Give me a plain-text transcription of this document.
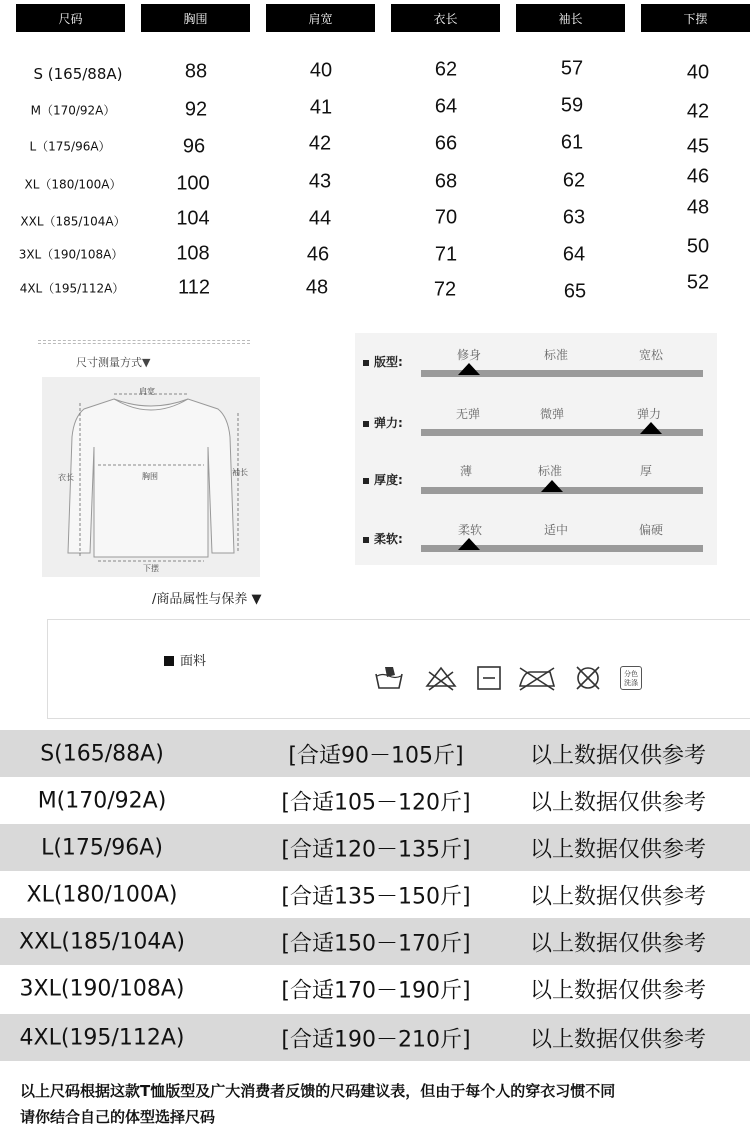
尺码	胸围	肩宽	衣长	袖长	下摆
S (165/88A)	88	40	62	57	40
M（170/92A）	92	41	64	59	42
L（175/96A）	96	42	66	61	45
XL（180/100A）	100	43	68	62	46
XXL（185/104A）	104	44	70	63	48
3XL（190/108A）	108	46	71	64	50
4XL（195/112A）	112	48	72	65	52
尺寸测量方式▼
肩宽
衣长	胸围	袖长
下摆
版型:	修身	标准	宽松
弹力:
无弹	微弹	弹力
厚度:
薄	标准	厚
柔软:
柔软	适中	偏硬
/商品属性与保养 ▼
面料
分色洗涤
S(165/88A)	[合适90－105斤]	以上数据仅供参考
M(170/92A)	[合适105－120斤]	以上数据仅供参考
L(175/96A)	[合适120－135斤]	以上数据仅供参考
XL(180/100A)	[合适135－150斤]	以上数据仅供参考
XXL(185/104A)	[合适150－170斤]	以上数据仅供参考
3XL(190/108A)	[合适170－190斤]	以上数据仅供参考
4XL(195/112A)	[合适190－210斤]	以上数据仅供参考
以上尺码根据这款T恤版型及广大消费者反馈的尺码建议表，但由于每个人的穿衣习惯不同
请你结合自己的体型选择尺码
